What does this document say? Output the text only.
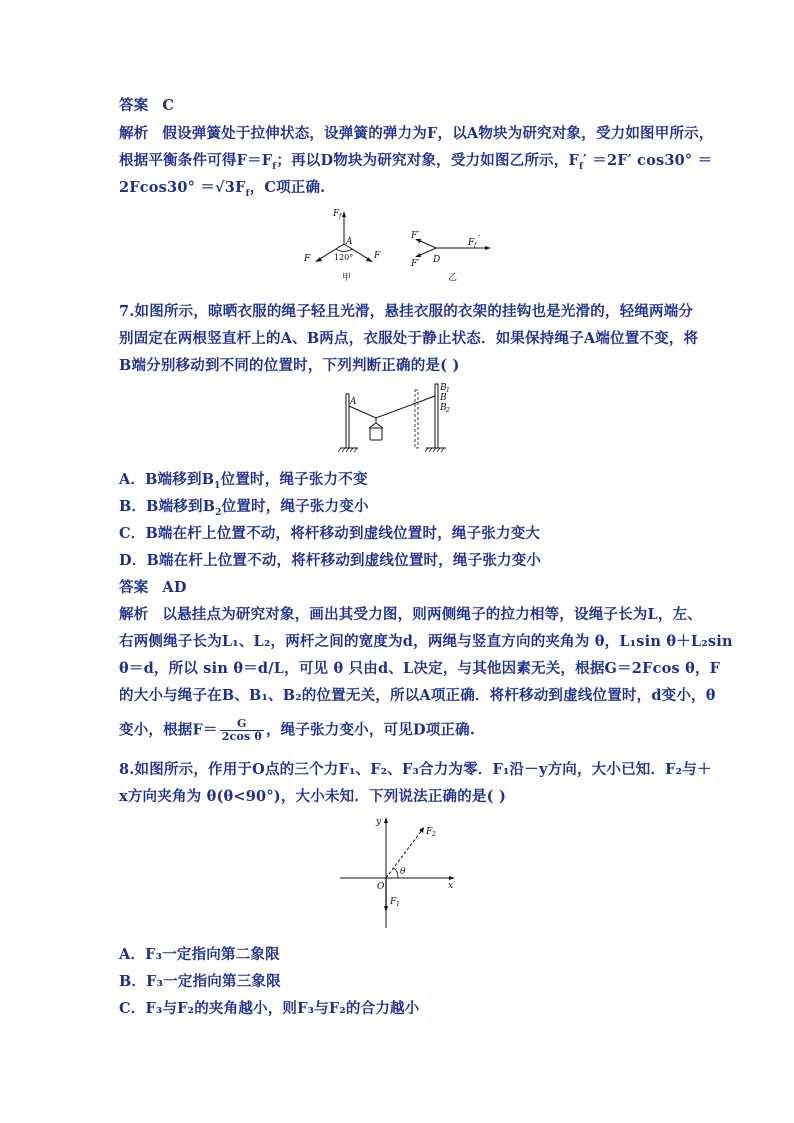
答案 C
解析 假设弹簧处于拉伸状态，设弹簧的弹力为F，以A物块为研究对象，受力如图甲所示，
根据平衡条件可得$F=F_f$；再以D物块为研究对象，受力如图乙所示，$F_f' =2F'$ cos30° ＝
$2Fcos30^\circ =√3F_f$，C项正确.
F f
A
120°
F	F
甲
F′
F′ D
F f
′
乙
7.如图所示，晾晒衣服的绳子轻且光滑，悬挂衣服的衣架的挂钩也是光滑的，轻绳两端分
别固定在两根竖直杆上的A、B两点，衣服处于静止状态．如果保持绳子A端位置不变，将
B端分别移动到不同的位置时，下列判断正确的是( )
A
B 1
B
B 2
A．B端移到$B_1$位置时，绳子张力不变
B．B端移到$B_2$位置时，绳子张力变小
C．B端在杆上位置不动，将杆移动到虚线位置时，绳子张力变大
D．B端在杆上位置不动，将杆移动到虚线位置时，绳子张力变小
答案 AD
解析 以悬挂点为研究对象，画出其受力图，则两侧绳子的拉力相等，设绳子长为L，左、
右两侧绳子长为L₁、L₂，两杆之间的宽度为d，两绳与竖直方向的夹角为 θ，L₁sin θ＋L₂sin
θ＝d，所以 sin θ＝d/L，可见 θ 只由d、L决定，与其他因素无关，根据G＝2Fcos θ，F
的大小与绳子在B、B₁、B₂的位置无关，所以A项正确．将杆移动到虚线位置时，d变小，θ
变小，根据$F= \frac{G}{\text{2cos θ}}$ ，绳子张力变小，可见D项正确.
8.如图所示，作用于O点的三个力F₁、F₂、F₃合力为零．F₁沿－y方向，大小已知．F₂与＋
x方向夹角为 θ(θ<90°)，大小未知．下列说法正确的是( )
y
x
O
θ
F 2
F 1
A．F₃一定指向第二象限
B．F₃一定指向第三象限
C．F₃与F₂的夹角越小，则F₃与F₂的合力越小
